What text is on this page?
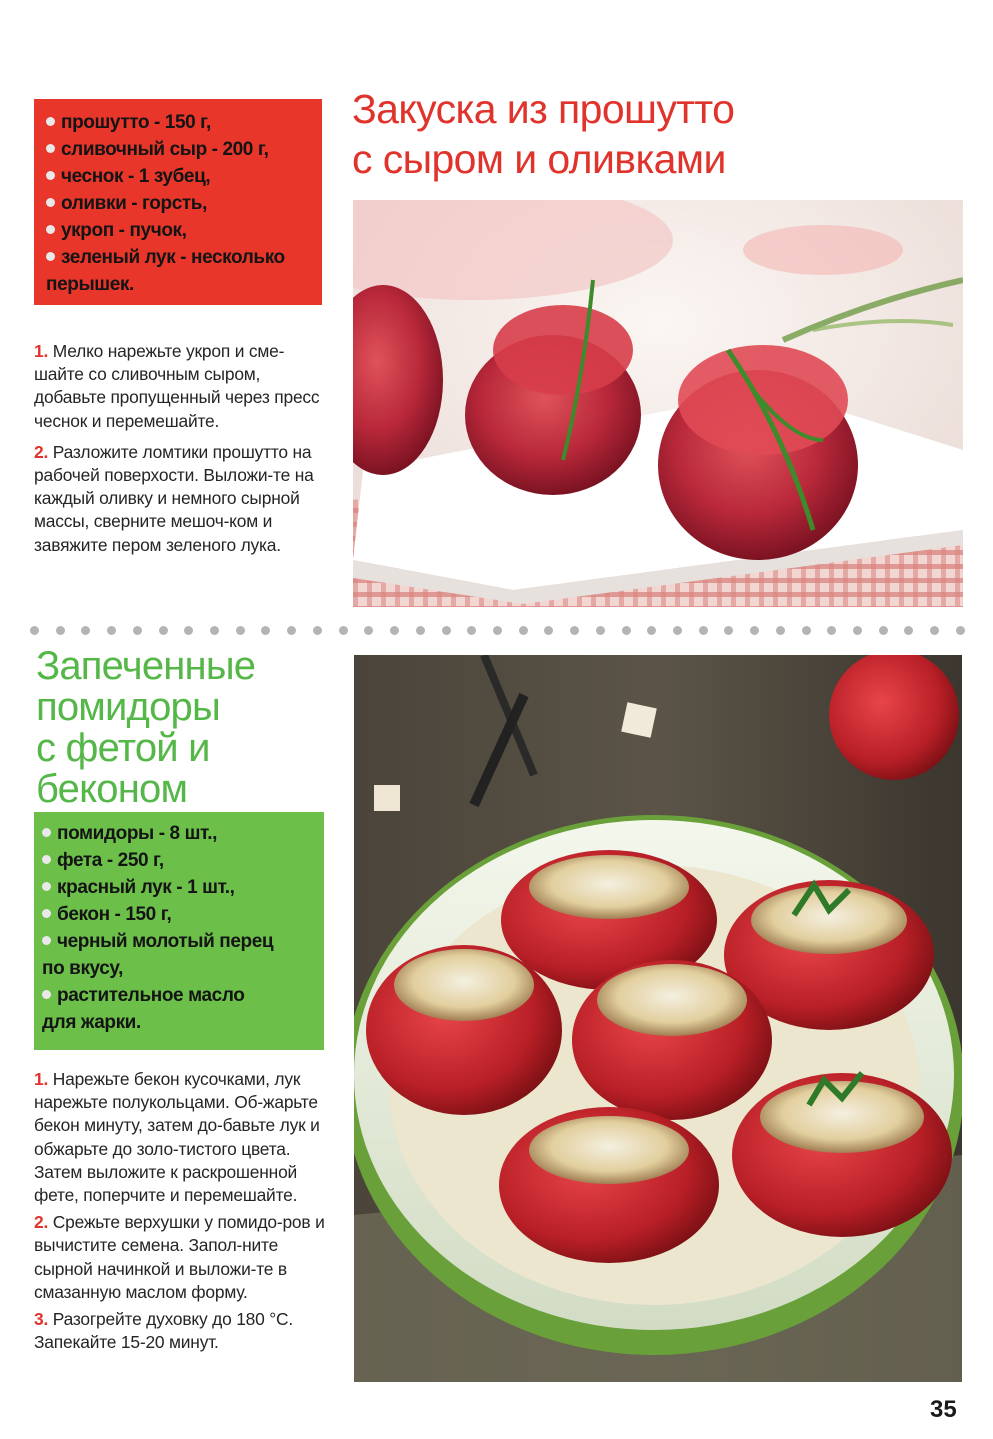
прошутто - 150 г,
сливочный сыр - 200 г,
чеснок - 1 зубец,
оливки - горсть,
укроп - пучок,
зеленый лук - несколько
перышек.
Закуска из прошутто
с сыром и оливками

1. Мелко нарежьте укроп и сме-шайте со сливочным сыром, добавьте пропущенный через пресс чеснок и перемешайте.

2. Разложите ломтики прошутто на рабочей поверхости. Выложи-те на каждый оливку и немного сырной массы, сверните мешоч-ком и завяжите пером зеленого лука.

Запеченные
помидоры
с фетой и
беконом
помидоры - 8 шт.,
фета - 250 г,
красный лук - 1 шт.,
бекон - 150 г,
черный молотый перец
по вкусу,
растительное масло
для жарки.

1. Нарежьте бекон кусочками, лук нарежьте полукольцами. Об-жарьте бекон минуту, затем до-бавьте лук и обжарьте до золо-тистого цвета. Затем выложите к раскрошенной фете, поперчите и перемешайте.

2. Срежьте верхушки у помидо-ров и вычистите семена. Запол-ните сырной начинкой и выложи-те в смазанную маслом форму.

3. Разогрейте духовку до 180 °С. Запекайте 15-20 минут.

35
